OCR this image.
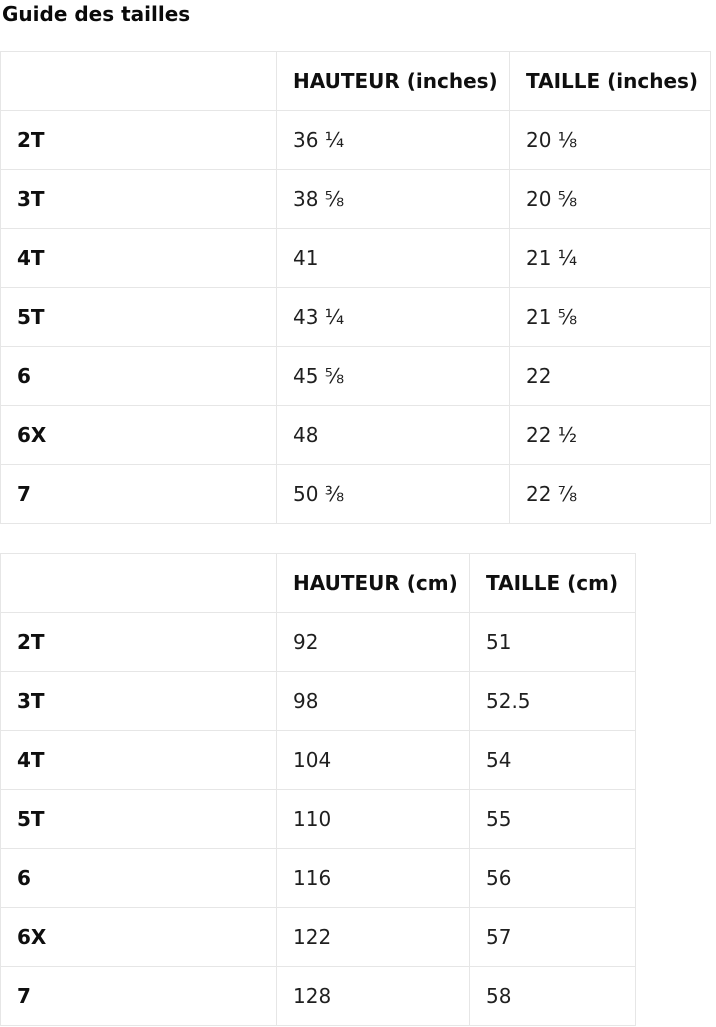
Guide des tailles
	HAUTEUR (inches)	TAILLE (inches)
2T	36 ¼	20 ⅛
3T	38 ⅝	20 ⅝
4T	41	21 ¼
5T	43 ¼	21 ⅝
6	45 ⅝	22
6X	48	22 ½
7	50 ⅜	22 ⅞
	HAUTEUR (cm)	TAILLE (cm)
2T	92	51
3T	98	52.5
4T	104	54
5T	110	55
6	116	56
6X	122	57
7	128	58
